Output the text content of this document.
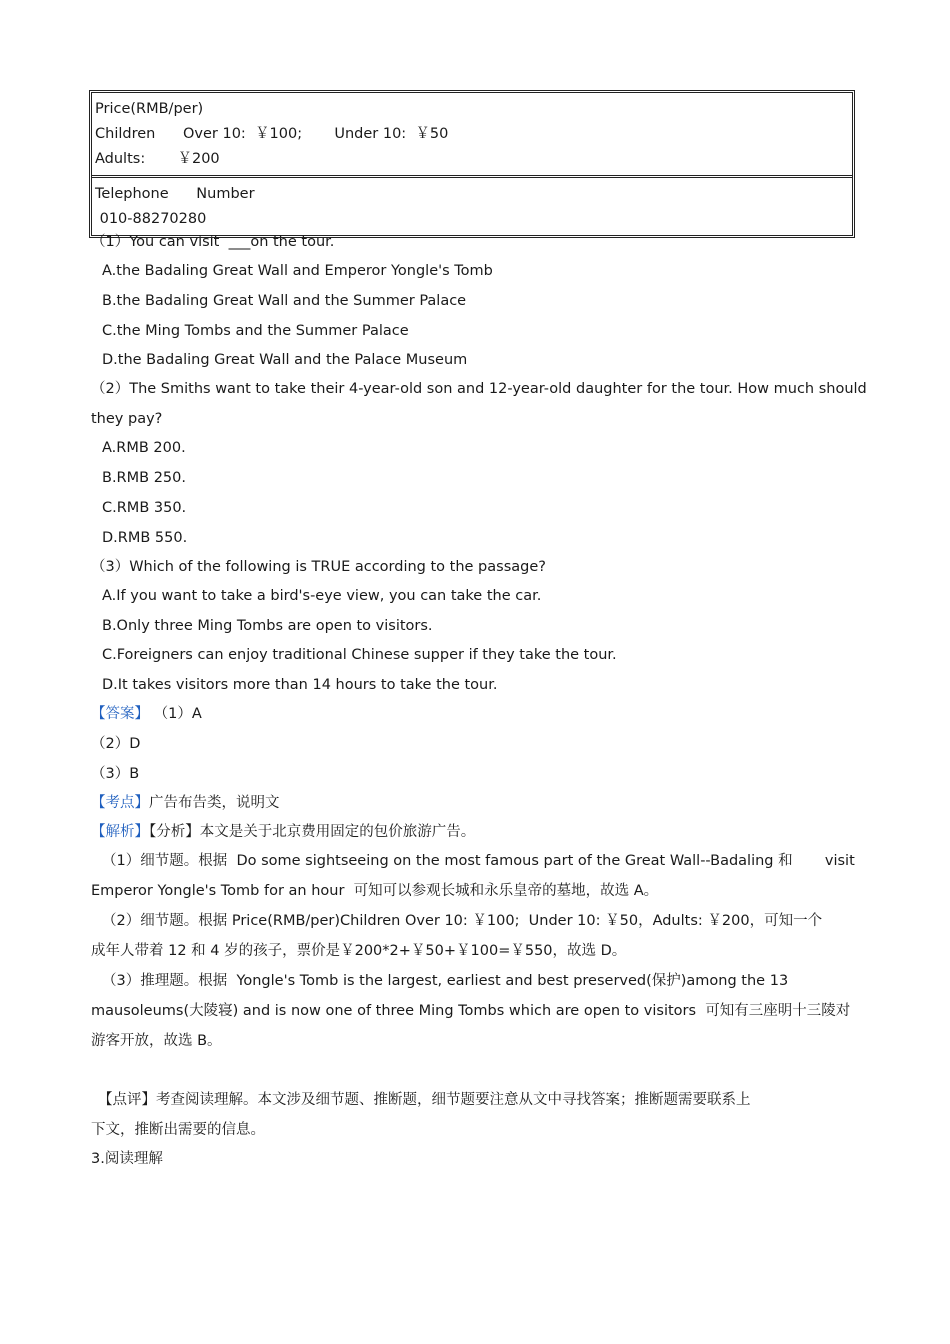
Price(RMB/per)
Children      Over 10:  ￥100;       Under 10:  ￥50
Adults:       ￥200
Telephone      Number
010-88270280
（1）You can visit  ___on the tour.
A.the Badaling Great Wall and Emperor Yongle's Tomb
B.the Badaling Great Wall and the Summer Palace
C.the Ming Tombs and the Summer Palace
D.the Badaling Great Wall and the Palace Museum
（2）The Smiths want to take their 4-year-old son and 12-year-old daughter for the tour. How much should
they pay?
A.RMB 200.
B.RMB 250.
C.RMB 350.
D.RMB 550.
（3）Which of the following is TRUE according to the passage?
A.If you want to take a bird's-eye view, you can take the car.
B.Only three Ming Tombs are open to visitors.
C.Foreigners can enjoy traditional Chinese supper if they take the tour.
D.It takes visitors more than 14 hours to take the tour.
【答案】 （1）A
（2）D
（3）B
【考点】广告布告类，说明文
【解析】【分析】本文是关于北京费用固定的包价旅游广告。
（1）细节题。根据  Do some sightseeing on the most famous part of the Great Wall--Badaling 和       visit
Emperor Yongle's Tomb for an hour  可知可以参观长城和永乐皇帝的墓地，故选 A。
（2）细节题。根据 Price(RMB/per)Children Over 10: ￥100;  Under 10: ￥50，Adults: ￥200，可知一个
成年人带着 12 和 4 岁的孩子，票价是￥200*2+￥50+￥100=￥550，故选 D。
（3）推理题。根据  Yongle's Tomb is the largest, earliest and best preserved(保护)among the 13
mausoleums(大陵寝) and is now one of three Ming Tombs which are open to visitors  可知有三座明十三陵对
游客开放，故选 B。
【点评】考查阅读理解。本文涉及细节题、推断题，细节题要注意从文中寻找答案；推断题需要联系上
下文，推断出需要的信息。
3.阅读理解
